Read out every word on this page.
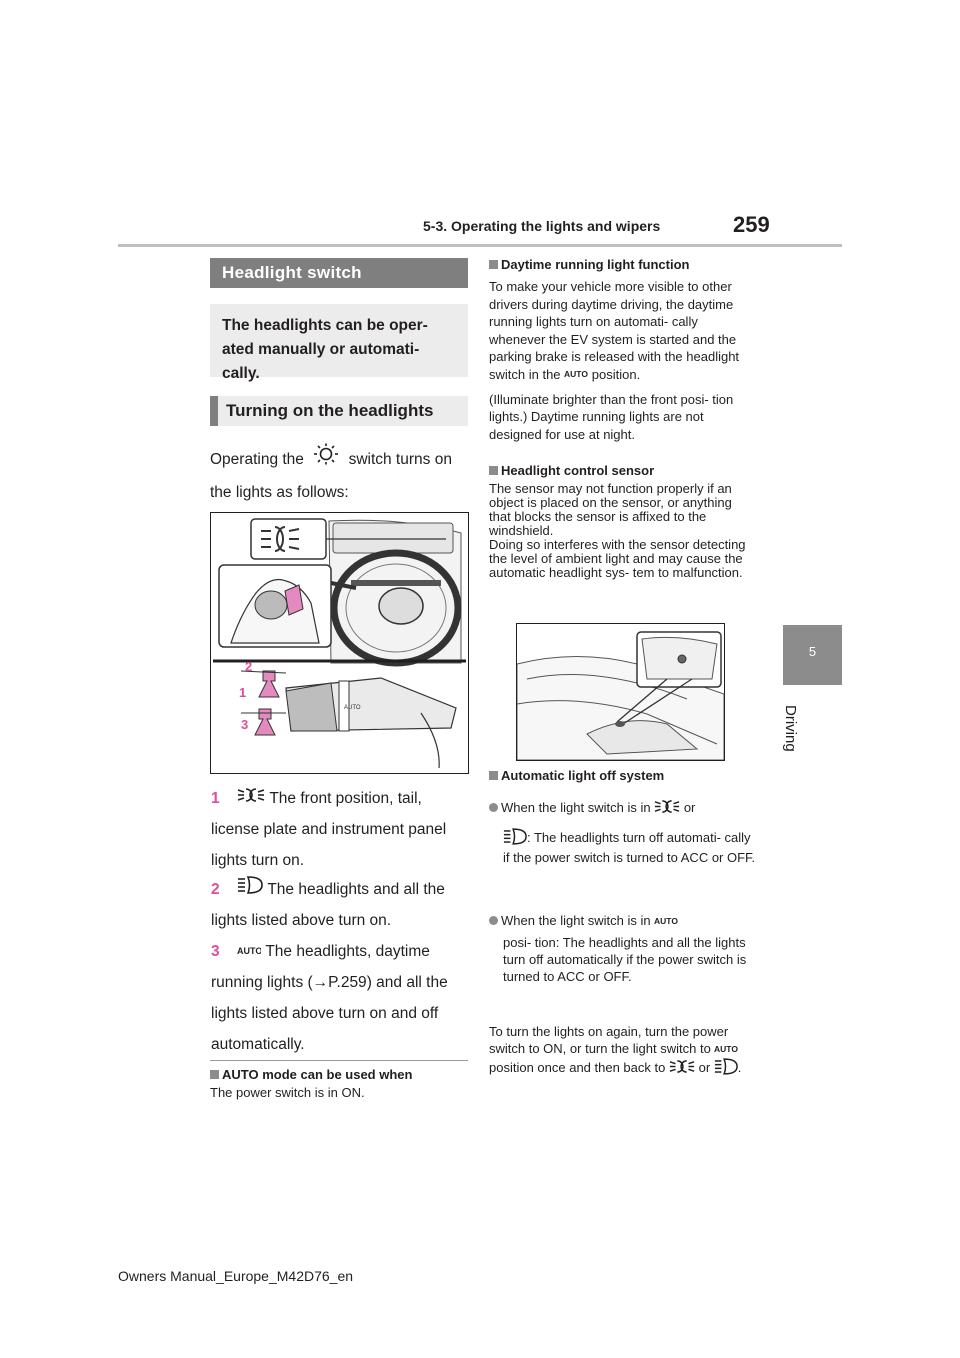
5-3. Operating the lights and wipers	259
5
Driving
Headlight switch
The headlights can be oper- ated manually or automati- cally.
Turning on the headlights
Operating the	switch turns on the lights as follows:
AUTO
2
1
3
1	The front position, tail, license plate and instrument panel lights turn on.
2	The headlights and all the lights listed above turn on.
3 AUTO The headlights, daytime running lights (→P.259) and all the lights listed above turn on and off automatically.
AUTO mode can be used when
The power switch is in ON.
Daytime running light function
To make your vehicle more visible to other drivers during daytime driving, the daytime running lights turn on automati- cally whenever the EV system is started and the parking brake is released with the headlight switch in the AUTO position.
(Illuminate brighter than the front posi- tion lights.) Daytime running lights are not designed for use at night.
Headlight control sensor
The sensor may not function properly if an object is placed on the sensor, or anything that blocks the sensor is affixed to the windshield.
Doing so interferes with the sensor detecting the level of ambient light and may cause the automatic headlight sys- tem to malfunction.
Automatic light off system
When the light switch is in	or
: The headlights turn off automati- cally if the power switch is turned to ACC or OFF.
When the light switch is in AUTO
posi- tion: The headlights and all the lights turn off automatically if the power switch is turned to ACC or OFF.
To turn the lights on again, turn the power switch to ON, or turn the light switch to AUTO
position once and then back to	or .
Owners Manual_Europe_M42D76_en
